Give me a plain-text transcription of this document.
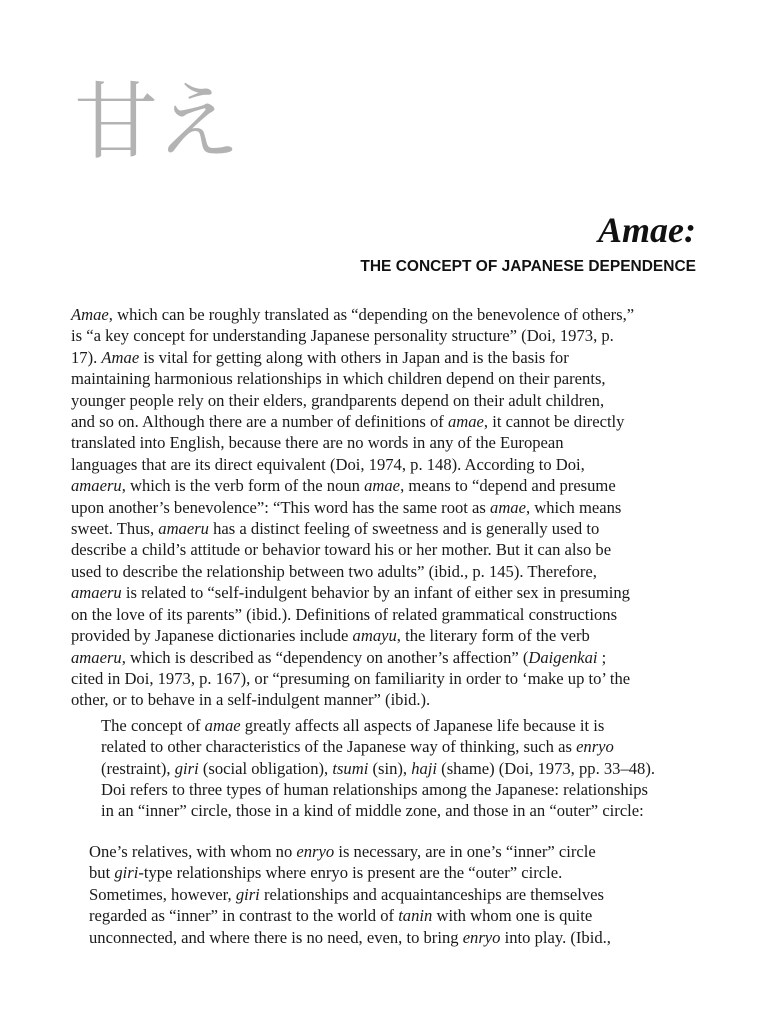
甘え
Amae:
THE CONCEPT OF JAPANESE DEPENDENCE

Amae, which can be roughly translated as “depending on the benevolence of others,”
is “a key concept for understanding Japanese personality structure” (Doi, 1973, p.
17). Amae is vital for getting along with others in Japan and is the basis for
maintaining harmonious relationships in which children depend on their parents,
younger people rely on their elders, grandparents depend on their adult children,
and so on. Although there are a number of definitions of amae, it cannot be directly
translated into English, because there are no words in any of the European
languages that are its direct equivalent (Doi, 1974, p. 148). According to Doi,
amaeru, which is the verb form of the noun amae, means to “depend and presume
upon another’s benevolence”: “This word has the same root as amae, which means
sweet. Thus, amaeru has a distinct feeling of sweetness and is generally used to
describe a child’s attitude or behavior toward his or her mother. But it can also be
used to describe the relationship between two adults” (ibid., p. 145). Therefore,
amaeru is related to “self-indulgent behavior by an infant of either sex in presuming
on the love of its parents” (ibid.). Definitions of related grammatical constructions
provided by Japanese dictionaries include amayu, the literary form of the verb
amaeru, which is described as “dependency on another’s affection” (Daigenkai ;
cited in Doi, 1973, p. 167), or “presuming on familiarity in order to ‘make up to’ the
other, or to behave in a self-indulgent manner” (ibid.).

The concept of amae greatly affects all aspects of Japanese life because it is
related to other characteristics of the Japanese way of thinking, such as enryo
(restraint), giri (social obligation), tsumi (sin), haji (shame) (Doi, 1973, pp. 33–48).
Doi refers to three types of human relationships among the Japanese: relationships
in an “inner” circle, those in a kind of middle zone, and those in an “outer” circle:

One’s relatives, with whom no enryo is necessary, are in one’s “inner” circle
but giri-type relationships where enryo is present are the “outer” circle.
Sometimes, however, giri relationships and acquaintanceships are themselves
regarded as “inner” in contrast to the world of tanin with whom one is quite
unconnected, and where there is no need, even, to bring enryo into play. (Ibid.,
